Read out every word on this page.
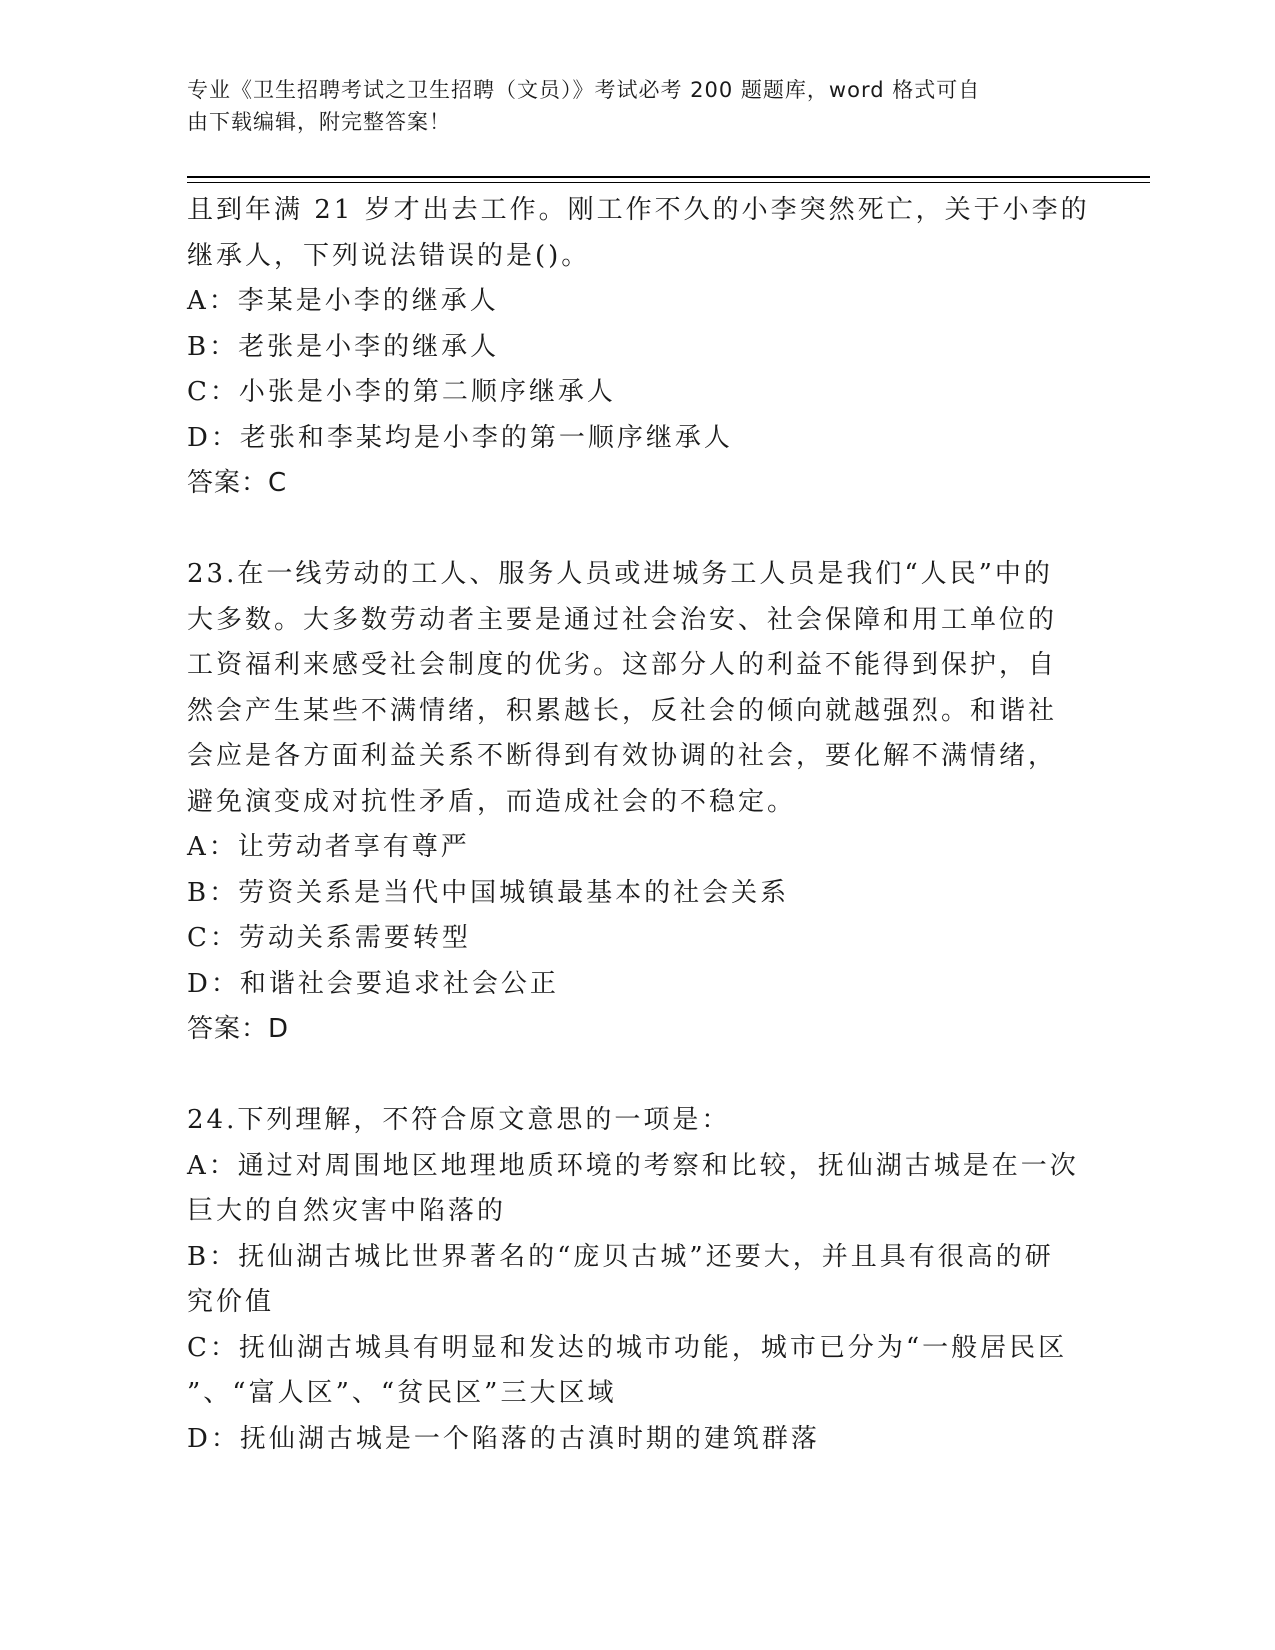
专业《卫生招聘考试之卫生招聘（文员）》考试必考 200 题题库，word 格式可自
由下载编辑，附完整答案！
且到年满 21 岁才出去工作。刚工作不久的小李突然死亡，关于小李的
继承人，下列说法错误的是()。
A：李某是小李的继承人
B：老张是小李的继承人
C：小张是小李的第二顺序继承人
D：老张和李某均是小李的第一顺序继承人
答案：C
23.在一线劳动的工人、服务人员或进城务工人员是我们“人民”中的
大多数。大多数劳动者主要是通过社会治安、社会保障和用工单位的
工资福利来感受社会制度的优劣。这部分人的利益不能得到保护，自
然会产生某些不满情绪，积累越长，反社会的倾向就越强烈。和谐社
会应是各方面利益关系不断得到有效协调的社会，要化解不满情绪，
避免演变成对抗性矛盾，而造成社会的不稳定。
A：让劳动者享有尊严
B：劳资关系是当代中国城镇最基本的社会关系
C：劳动关系需要转型
D：和谐社会要追求社会公正
答案：D
24.下列理解，不符合原文意思的一项是：
A：通过对周围地区地理地质环境的考察和比较，抚仙湖古城是在一次
巨大的自然灾害中陷落的
B：抚仙湖古城比世界著名的“庞贝古城”还要大，并且具有很高的研
究价值
C：抚仙湖古城具有明显和发达的城市功能，城市已分为“一般居民区
”、“富人区”、“贫民区”三大区域
D：抚仙湖古城是一个陷落的古滇时期的建筑群落
